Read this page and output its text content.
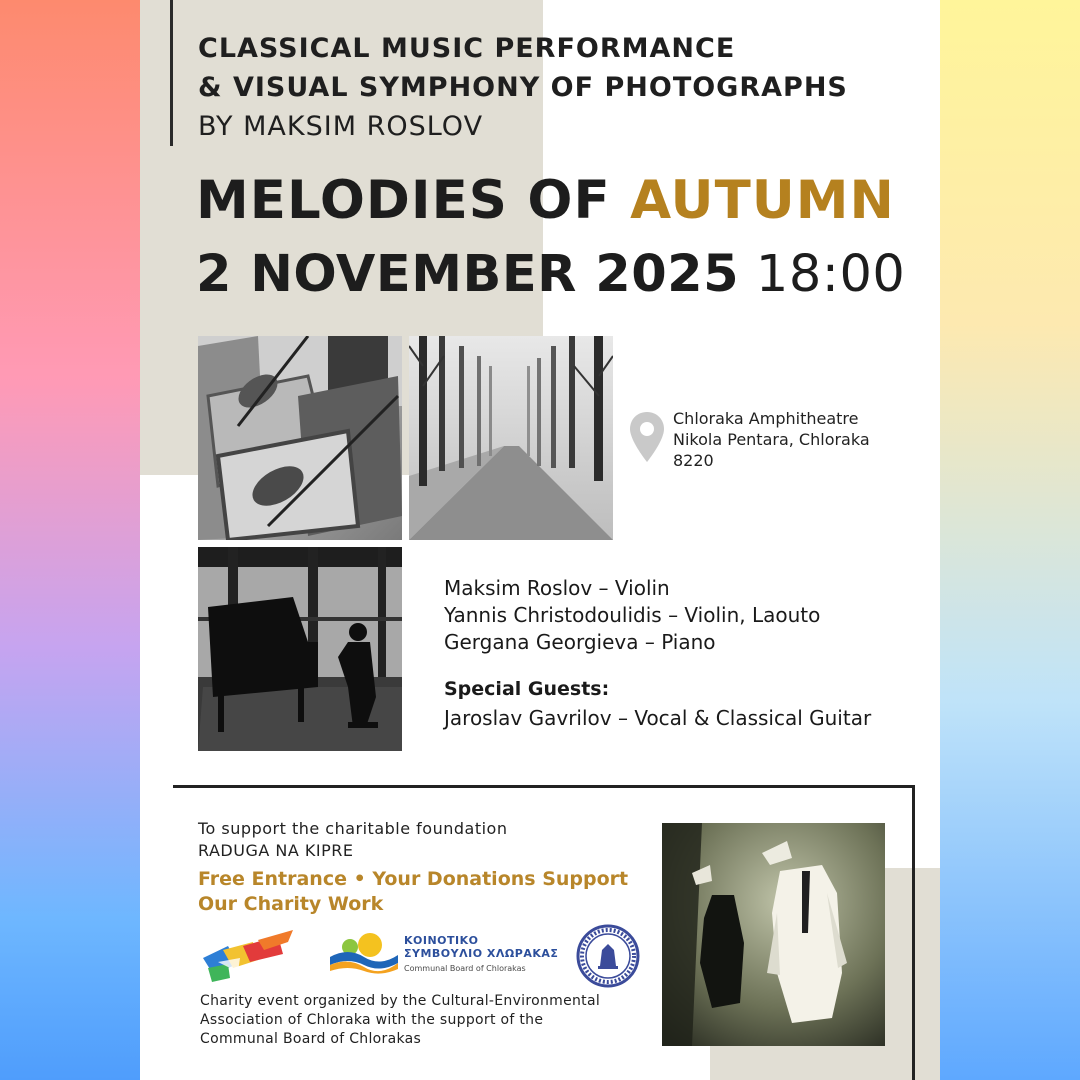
CLASSICAL MUSIC PERFORMANCE
& VISUAL SYMPHONY OF PHOTOGRAPHS
BY MAKSIM ROSLOV
MELODIES OF AUTUMN
2 NOVEMBER 2025 18:00
Chloraka Amphitheatre
Nikola Pentara, Chloraka
8220
Maksim Roslov – Violin
Yannis Christodoulidis – Violin, Laouto
Gergana Georgieva – Piano
Special Guests:
Jaroslav Gavrilov – Vocal & Classical Guitar
To support the charitable foundation
RADUGA NA KIPRE
Free Entrance • Your Donations Support
Our Charity Work
ΚΟΙΝΟΤΙΚΟ
ΣΥΜΒΟΥΛΙΟ ΧΛΩΡΑΚΑΣ
Communal Board of Chlorakas
Charity event organized by the Cultural-Environmental
Association of Chloraka with the support of the
Communal Board of Chlorakas
